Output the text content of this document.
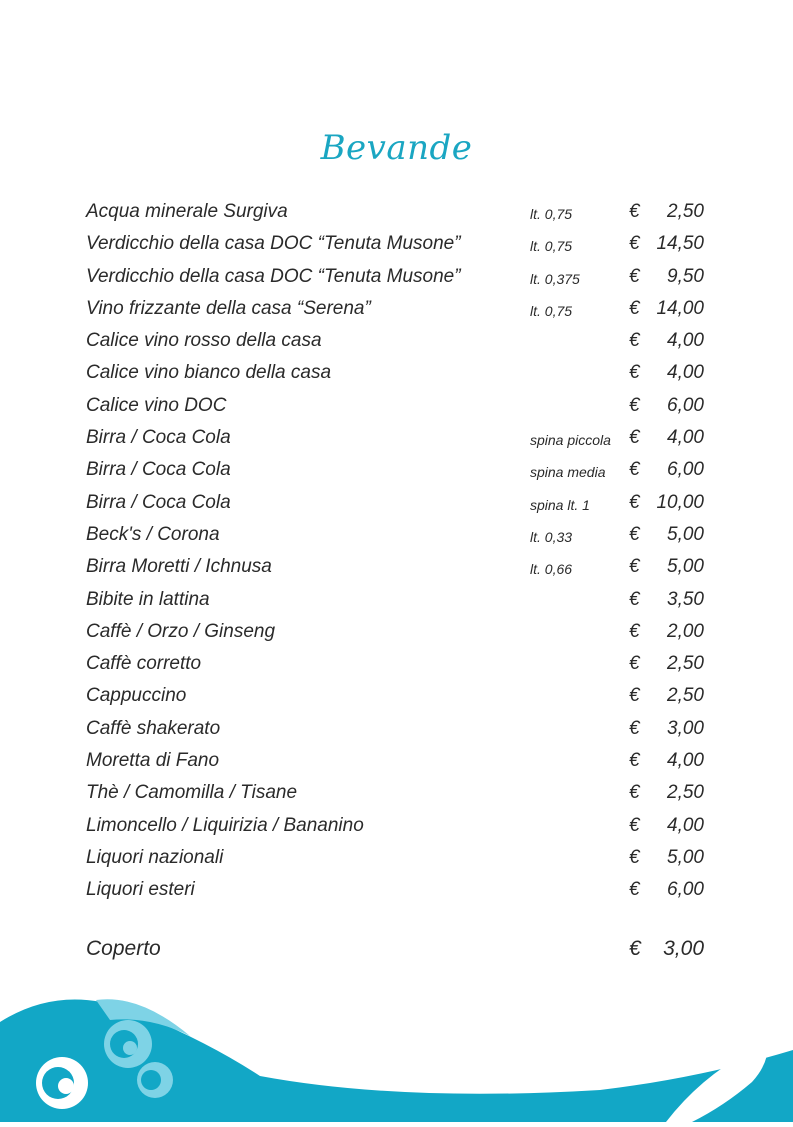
Bevande
Acqua minerale Surgiva	lt. 0,75	€ 2,50
Verdicchio della casa DOC “Tenuta Musone”	lt. 0,75	€ 14,50
Verdicchio della casa DOC “Tenuta Musone”	lt. 0,375	€ 9,50
Vino frizzante della casa “Serena”	lt. 0,75	€ 14,00
Calice vino rosso della casa	€ 4,00
Calice vino bianco della casa	€ 4,00
Calice vino DOC	€ 6,00
Birra / Coca Cola	spina piccola € 4,00
Birra / Coca Cola	spina media € 6,00
Birra / Coca Cola	spina lt. 1 € 10,00
Beck's / Corona	lt. 0,33	€ 5,00
Birra Moretti / Ichnusa	lt. 0,66	€ 5,00
Bibite in lattina	€ 3,50
Caffè / Orzo / Ginseng	€ 2,00
Caffè corretto	€ 2,50
Cappuccino	€ 2,50
Caffè shakerato	€ 3,00
Moretta di Fano	€ 4,00
Thè / Camomilla / Tisane	€ 2,50
Limoncello / Liquirizia / Bananino	€ 4,00
Liquori nazionali	€ 5,00
Liquori esteri	€ 6,00
Coperto	€ 3,00
